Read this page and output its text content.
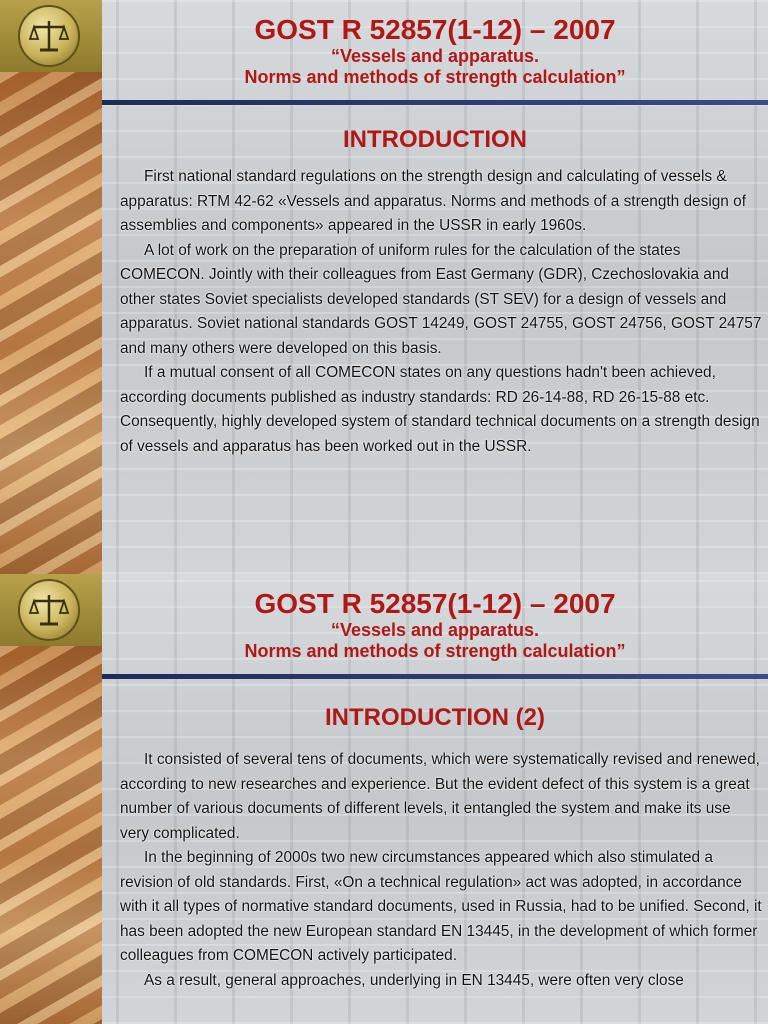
GOST R 52857(1-12) – 2007
“Vessels and apparatus.
Norms and methods of strength calculation”
INTRODUCTION

First national standard regulations on the strength design and calculating of vessels & apparatus: RTM 42-62 «Vessels and apparatus. Norms and methods of a strength design of assemblies and components» appeared in the USSR in early 1960s.

A lot of work on the preparation of uniform rules for the calculation of the states COMECON. Jointly with their colleagues from East Germany (GDR), Czechoslovakia and other states Soviet specialists developed standards (ST SEV) for a design of vessels and apparatus. Soviet national standards GOST 14249, GOST 24755, GOST 24756, GOST 24757 and many others were developed on this basis.

If a mutual consent of all COMECON states on any questions hadn't been achieved, according documents published as industry standards: RD 26-14-88, RD 26-15-88 etc. Consequently, highly developed system of standard technical documents on a strength design of vessels and apparatus has been worked out in the USSR.

GOST R 52857(1-12) – 2007
“Vessels and apparatus.
Norms and methods of strength calculation”
INTRODUCTION (2)

It consisted of several tens of documents, which were systematically revised and renewed, according to new researches and experience. But the evident defect of this system is a great number of various documents of different levels, it entangled the system and make its use very complicated.

In the beginning of 2000s two new circumstances appeared which also stimulated a revision of old standards. First, «On a technical regulation» act was adopted, in accordance with it all types of normative standard documents, used in Russia, had to be unified. Second, it has been adopted the new European standard EN 13445, in the development of which former colleagues from COMECON actively participated.

As a result, general approaches, underlying in EN 13445, were often very close
